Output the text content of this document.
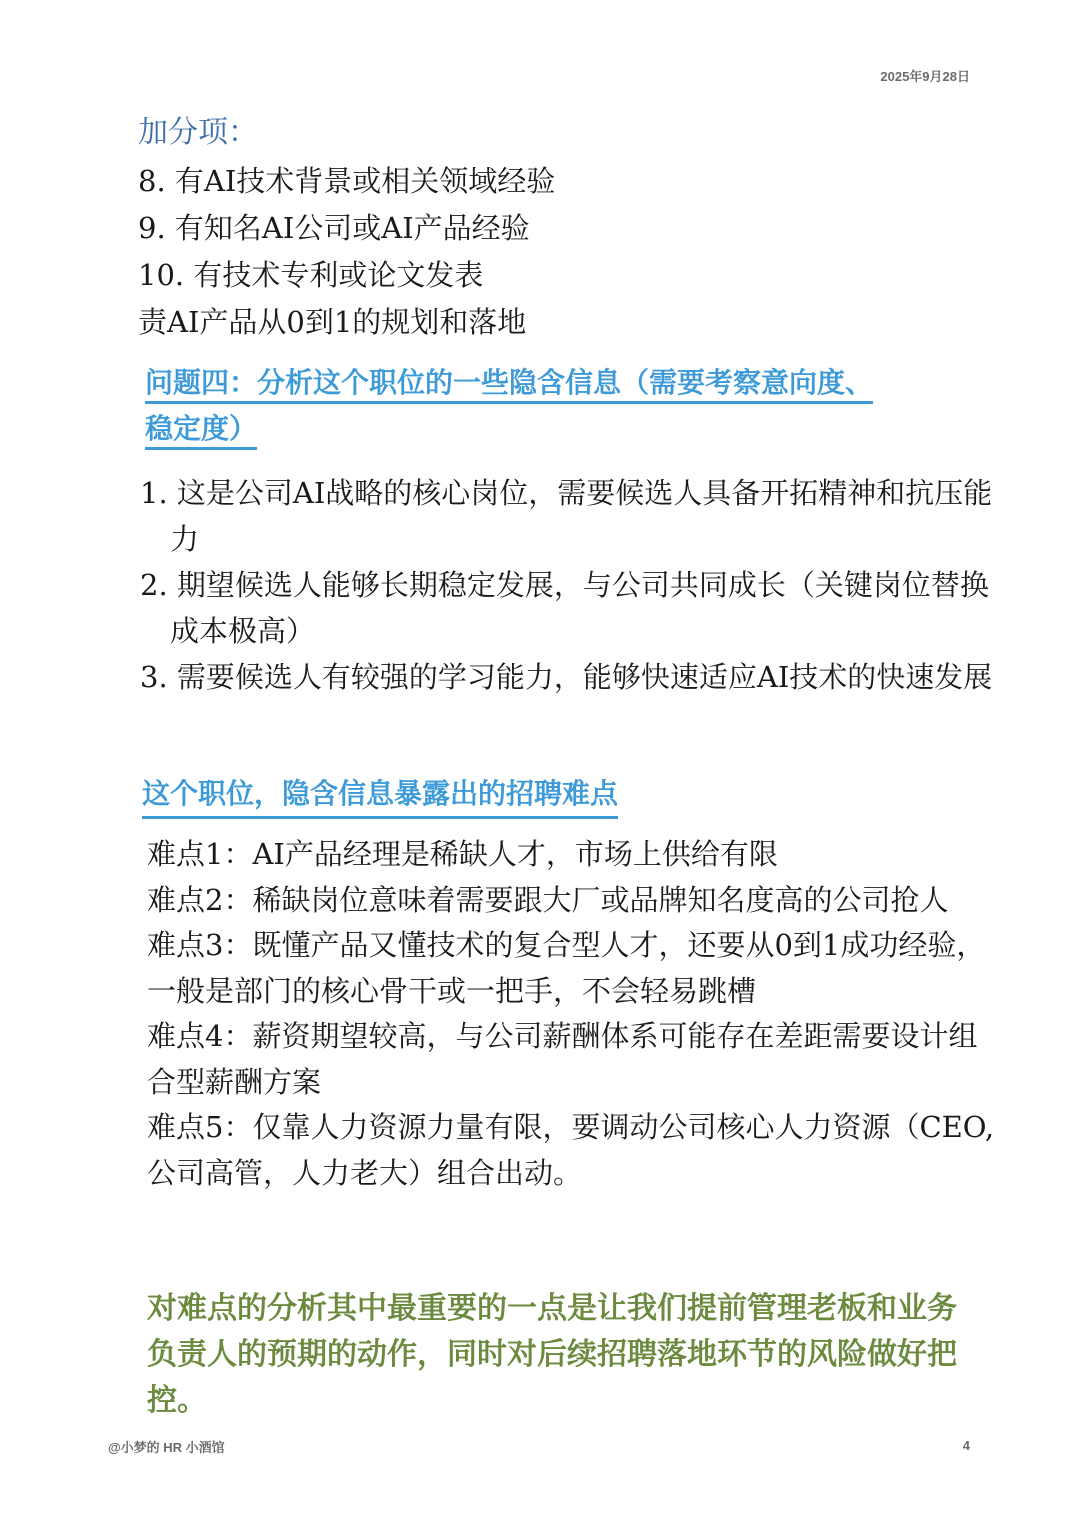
2025年9月28日
加分项：
8. 有AI技术背景或相关领域经验
9. 有知名AI公司或AI产品经验
10. 有技术专利或论文发表
责AI产品从0到1的规划和落地
问题四：分析这个职位的一些隐含信息（需要考察意向度、
稳定度）
1. 这是公司AI战略的核心岗位，需要候选人具备开拓精神和抗压能力
2. 期望候选人能够长期稳定发展，与公司共同成长（关键岗位替换成本极高）
3. 需要候选人有较强的学习能力，能够快速适应AI技术的快速发展
这个职位，隐含信息暴露出的招聘难点
难点1：AI产品经理是稀缺人才，市场上供给有限
难点2：稀缺岗位意味着需要跟大厂或品牌知名度高的公司抢人
难点3：既懂产品又懂技术的复合型人才，还要从0到1成功经验，一般是部门的核心骨干或一把手，不会轻易跳槽
难点4：薪资期望较高，与公司薪酬体系可能存在差距需要设计组合型薪酬方案
难点5：仅靠人力资源力量有限，要调动公司核心人力资源（CEO,公司高管，人力老大）组合出动。
对难点的分析其中最重要的一点是让我们提前管理老板和业务负责人的预期的动作，同时对后续招聘落地环节的风险做好把控。
@小梦的 HR 小酒馆	4
